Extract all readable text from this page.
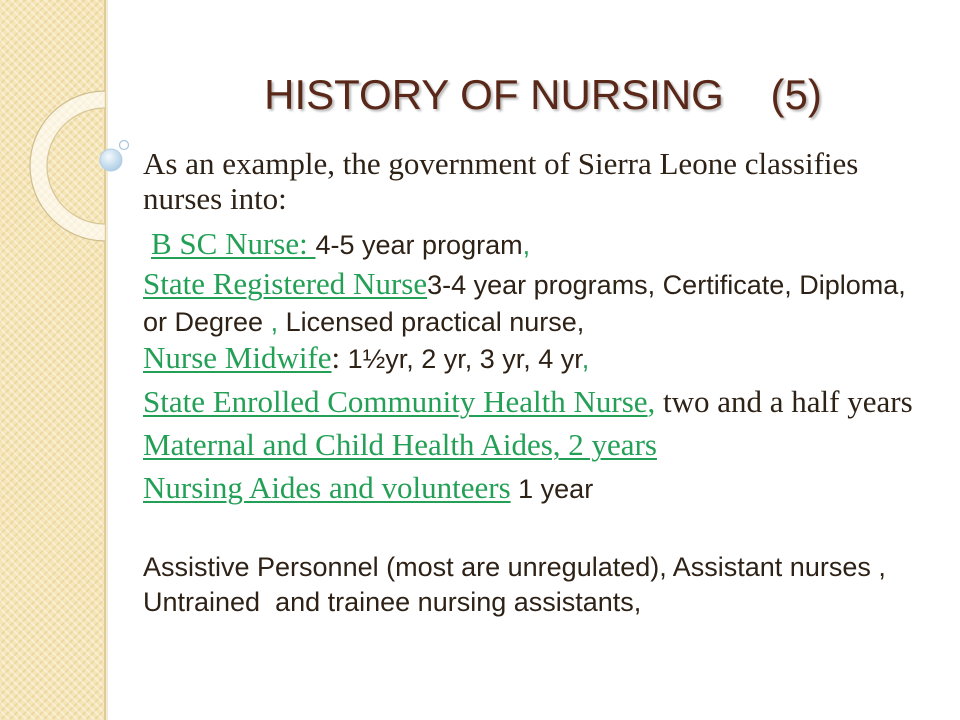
HISTORY OF NURSING    (5)

As an example, the government of Sierra Leone classifies nurses into:

B SC Nurse: 4-5 year program,

State Registered Nurse3-4 year programs, Certificate, Diploma, or Degree , Licensed practical nurse,

Nurse Midwife: 1½yr, 2 yr, 3 yr, 4 yr,

State Enrolled Community Health Nurse, two and a half years

Maternal and Child Health Aides, 2 years

Nursing Aides and volunteers 1 year

Assistive Personnel (most are unregulated), Assistant nurses , Untrained  and trainee nursing assistants,
